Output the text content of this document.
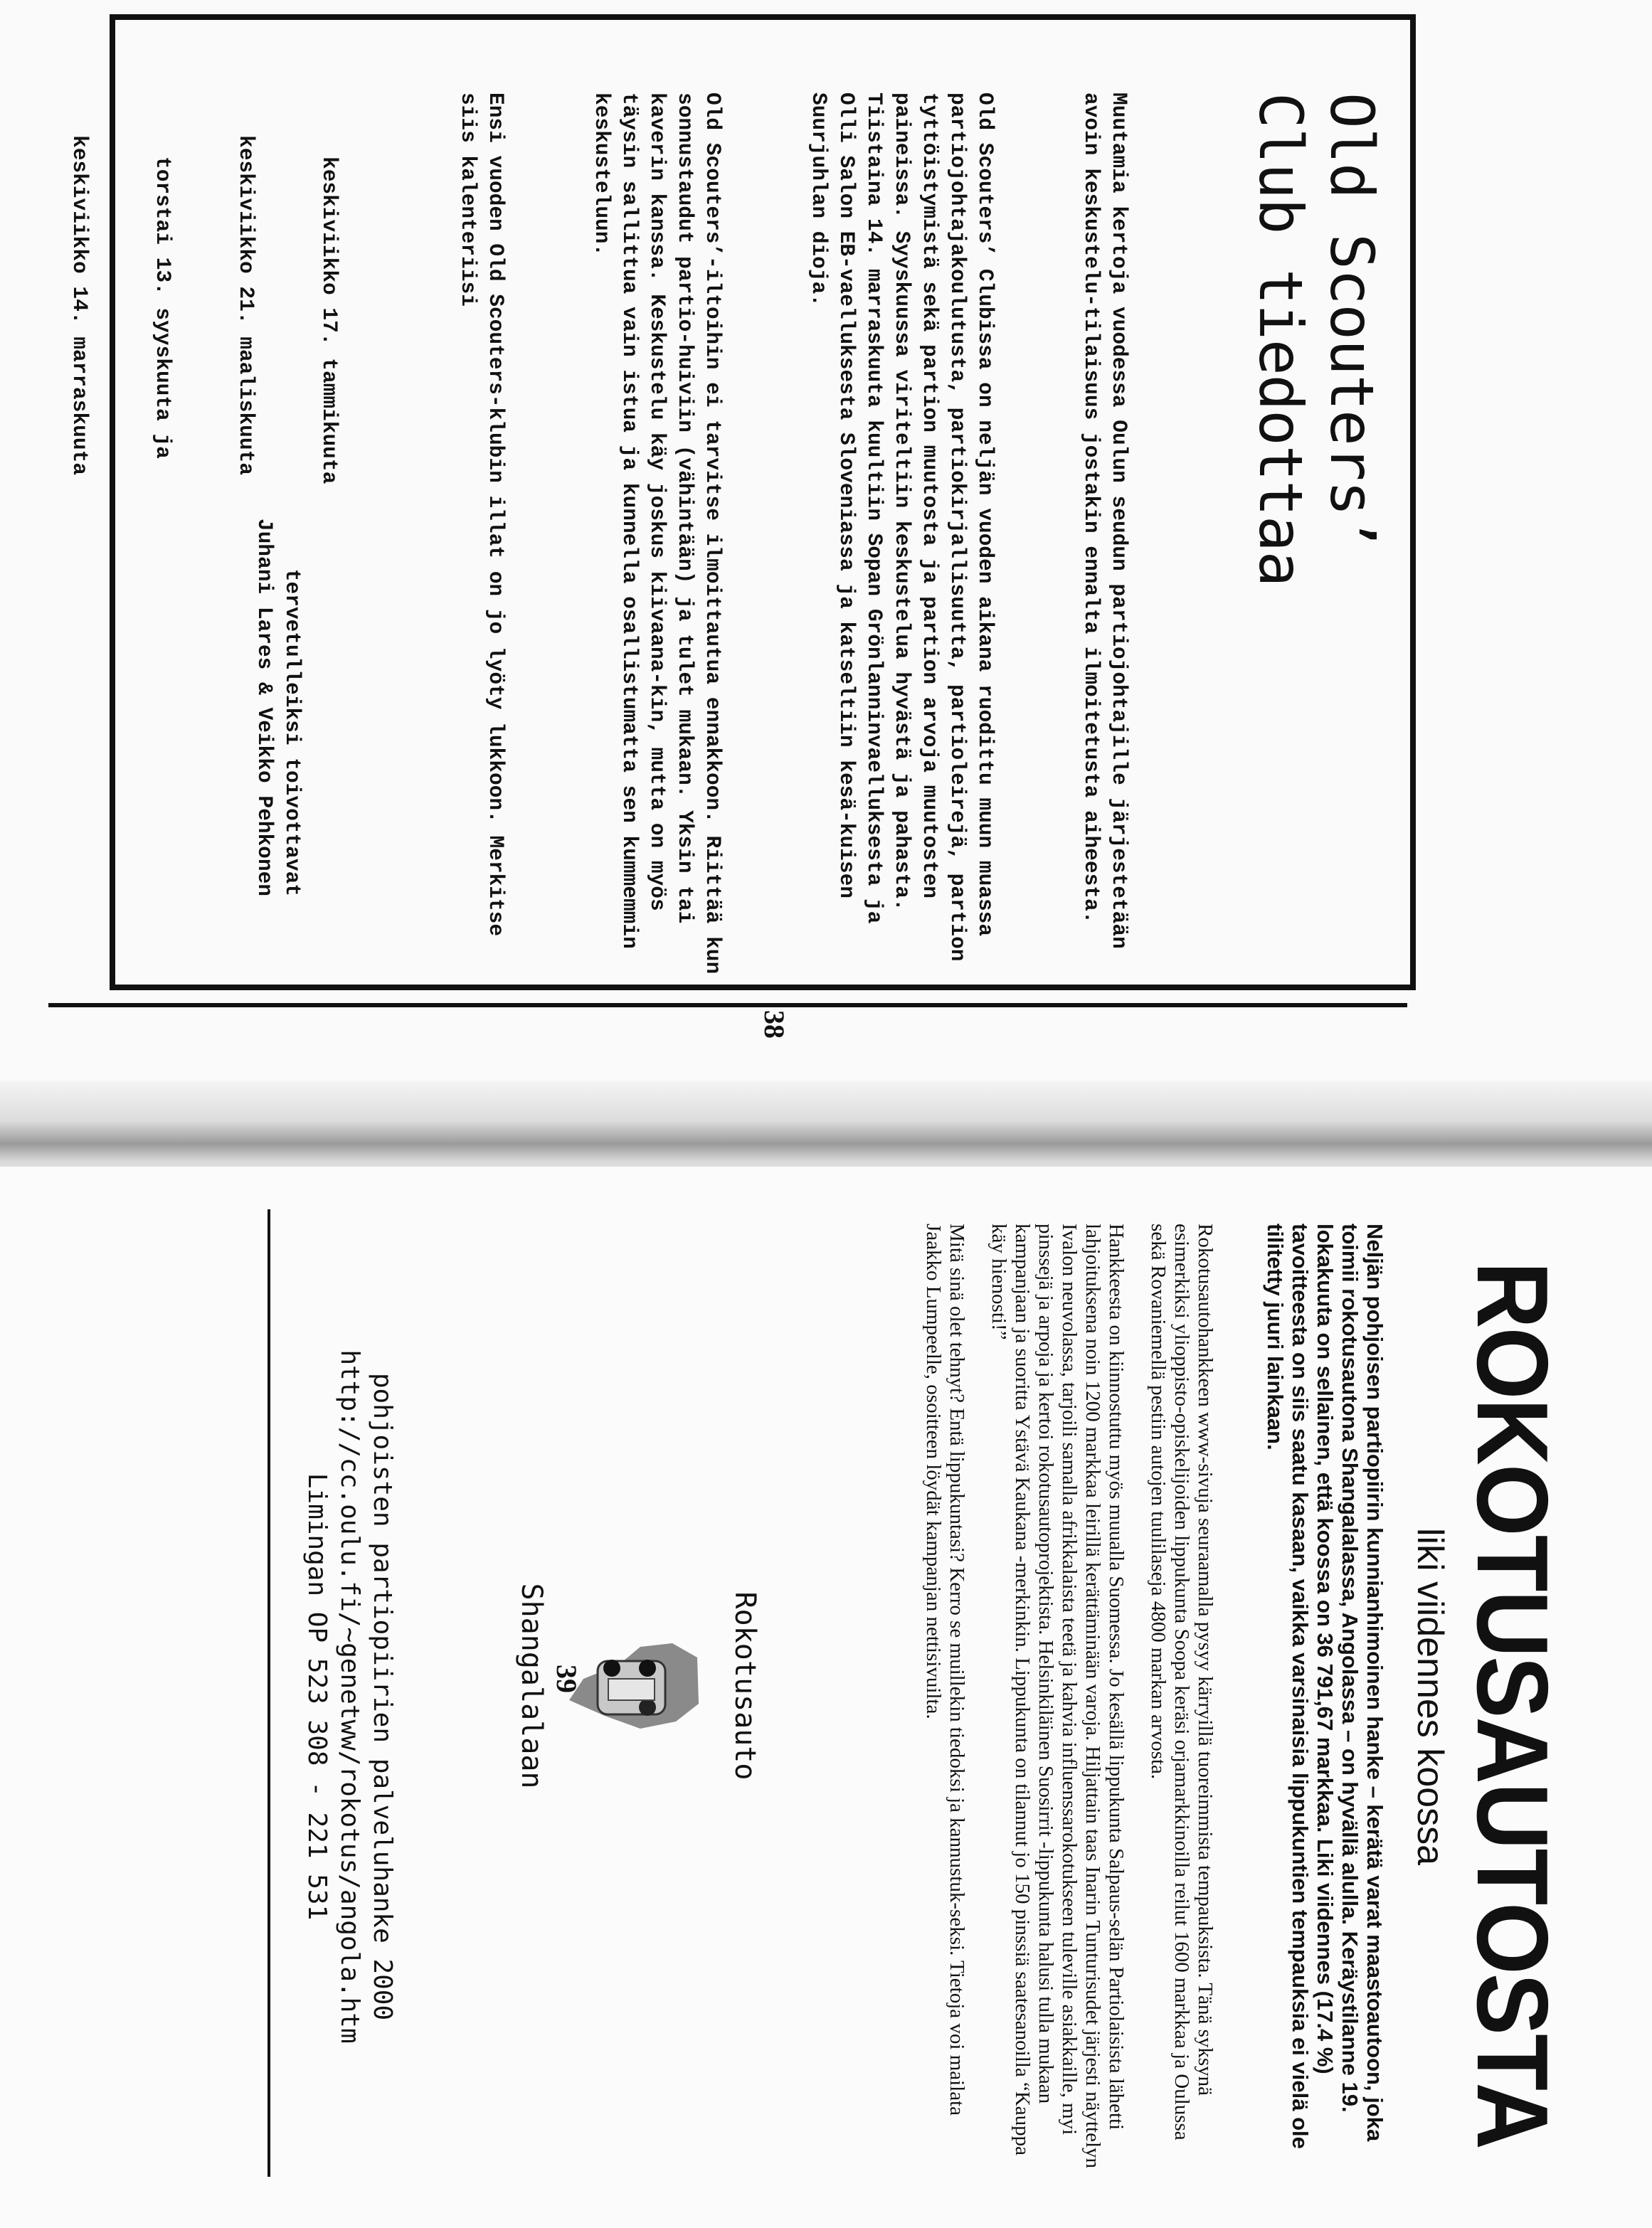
Old Scouters’
Club tiedottaa

Muutamia kertoja vuodessa Oulun seudun partiojohtajille järjestetään avoin keskustelu-tilaisuus jostakin ennalta ilmoitetusta aiheesta.

Old Scouters’ Clubissa on neljän vuoden aikana ruodittu muun muassa partiojohtajakoulutusta, partiokirjallisuutta, partioleirejä, partion tyttöistymistä sekä partion muutosta ja partion arvoja muutosten paineissa. Syyskuussa viriteltiin keskustelua hyvästä ja pahasta. Tiistaina 14. marraskuuta kuultiin Sopan Grönlanninvaelluksesta ja Olli Salon EB-vaelluksesta Sloveniassa ja katseltiin kesä-kuisen Suurjuhlan dioja.

Old Scouters’-iltoihin ei tarvitse ilmoittautua ennakkoon. Riittää kun sonnustaudut partio-huiviin (vähintään) ja tulet mukaan. Yksin tai kaverin kanssa. Keskustelu käy joskus kiivaana-kin, mutta on myös täysin sallittua vain istua ja kunnella osallistumatta sen kummemmin keskusteluun.

Ensi vuoden Old Scouters-klubin illat on jo lyöty lukkoon. Merkitse siis kalenteriisi

keskiviikko 17. tammikuuta

keskiviikko 21. maaliskuuta

torstai 13. syyskuuta ja

keskiviikko 14. marraskuuta

tervetulleiksi toivottavat
Juhani Lares & Veikko Pehkonen
38
ROKOTUSAUTOSTA
liki viidennes koossa
Neljän pohjoisen partiopiirin kunnianhimoinen hanke – kerätä varat maastoautoon, joka toimii rokotusautona Shangalalassa, Angolassa – on hyvällä alulla. Keräystilanne 19. lokakuuta on sellainen, että koossa on 36 791,67 markkaa. Liki viidennes (17.4 %) tavoitteesta on siis saatu kasaan, vaikka varsinaisia lippukuntien tempauksia ei vielä ole tilitetty juuri lainkaan.

Rokotusautohankkeen www-sivuja seuraamalla pysyy kärryillä tuoreimmista tempauksista. Tänä syksynä esimerkiksi ylioppisto-opiskelijoiden lippukunta Soopa keräsi orjamarkkinoilla reilut 1600 markkaa ja Oulussa sekä Rovaniemellä pestiin autojen tuulilaseja 4800 markan arvosta.

Hankkeesta on kiinnostuttu myös muualla Suomessa. Jo kesällä lippukunta Salpaus-selän Partiolaisista lähetti lahjoituksena noin 1200 markkaa leirillä kerättäminään varoja. Hiljattain taas Inarin Tunturisudet järjesti näyttelyn Ivalon neuvolassa, tarjoili samalla afrikkalaista teetä ja kahvia influenssarokotukseen tuleville asiakkaille, myi pinssejä ja arpoja ja kertoi rokotusautoprojektista. Helsinkiläinen Suosirrit -lippukunta halusi tulla mukaan kampanjaan ja suoritta Ystävä Kaukana -merkinkin. Lippukunta on tilannut jo 150 pinssiä saatesanoilla “Kauppa käy hienosti!”

Mitä sinä olet tehnyt? Entä lippukuntasi? Kerro se muillekin tiedoksi ja kannustuk-seksi. Tietoja voi mailata Jaakko Lumpeelle, osoitteen löydät kampanjan nettisivuilta.

Rokotusauto
Shangalalaan
pohjoisten partiopiirien palveluhanke 2000
http://cc.oulu.fi/~genetww/rokotus/angola.htm
Limingan OP 523 308 - 221 531	39
